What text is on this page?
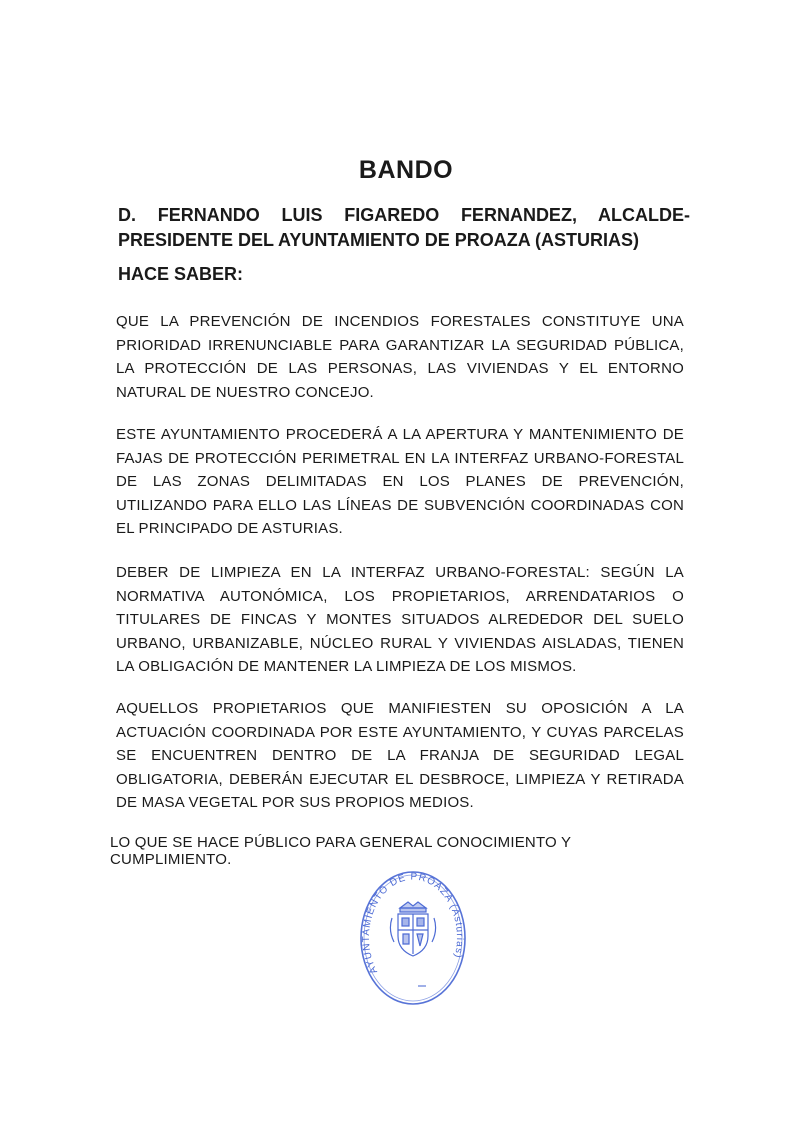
BANDO
D. FERNANDO LUIS FIGAREDO FERNANDEZ, ALCALDE-
PRESIDENTE DEL AYUNTAMIENTO DE PROAZA (ASTURIAS)
HACE SABER:
QUE LA PREVENCIÓN DE INCENDIOS FORESTALES CONSTITUYE UNA PRIORIDAD IRRENUNCIABLE PARA GARANTIZAR LA SEGURIDAD PÚBLICA, LA PROTECCIÓN DE LAS PERSONAS, LAS VIVIENDAS Y EL ENTORNO NATURAL DE NUESTRO CONCEJO.
ESTE AYUNTAMIENTO PROCEDERÁ A LA APERTURA Y MANTENIMIENTO DE FAJAS DE PROTECCIÓN PERIMETRAL EN LA INTERFAZ URBANO-FORESTAL DE LAS ZONAS DELIMITADAS EN LOS PLANES DE PREVENCIÓN, UTILIZANDO PARA ELLO LAS LÍNEAS DE SUBVENCIÓN COORDINADAS CON EL PRINCIPADO DE ASTURIAS.
DEBER DE LIMPIEZA EN LA INTERFAZ URBANO-FORESTAL: SEGÚN LA NORMATIVA AUTONÓMICA, LOS PROPIETARIOS, ARRENDATARIOS O TITULARES DE FINCAS Y MONTES SITUADOS ALREDEDOR DEL SUELO URBANO, URBANIZABLE, NÚCLEO RURAL Y VIVIENDAS AISLADAS, TIENEN LA OBLIGACIÓN DE MANTENER LA LIMPIEZA DE LOS MISMOS.
AQUELLOS PROPIETARIOS QUE MANIFIESTEN SU OPOSICIÓN A LA ACTUACIÓN COORDINADA POR ESTE AYUNTAMIENTO, Y CUYAS PARCELAS SE ENCUENTREN DENTRO DE LA FRANJA DE SEGURIDAD LEGAL OBLIGATORIA, DEBERÁN EJECUTAR EL DESBROCE, LIMPIEZA Y RETIRADA DE MASA VEGETAL POR SUS PROPIOS MEDIOS.
LO QUE SE HACE PÚBLICO PARA GENERAL CONOCIMIENTO Y CUMPLIMIENTO.
AYUNTAMIENTO DE PROAZA (Asturias)
